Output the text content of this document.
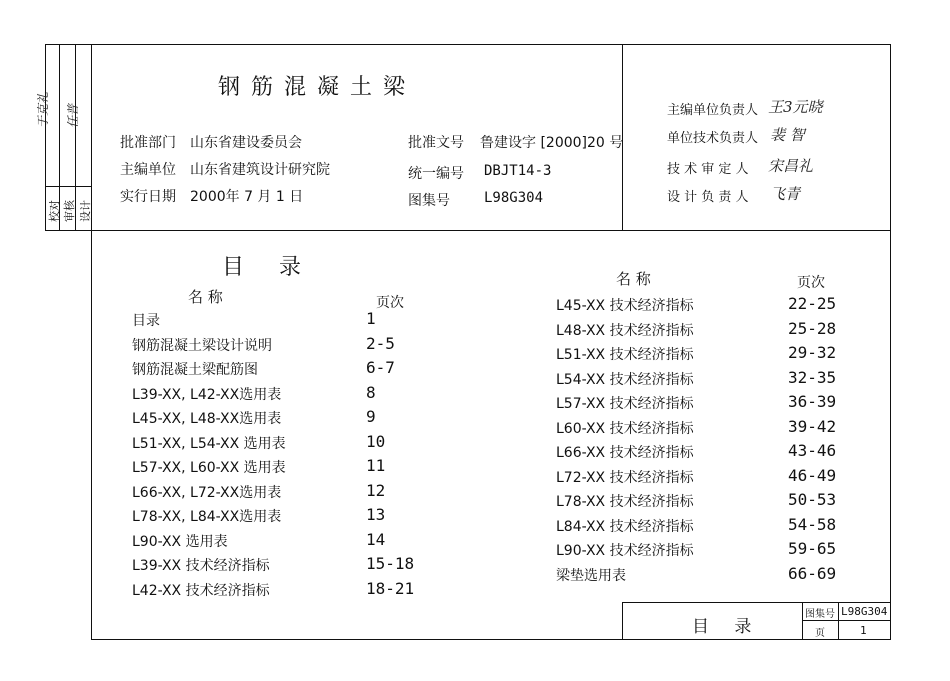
于克礼 任普
校对 审核 设计
钢 筋 混 凝 土 梁
批准部门 山东省建设委员会
主编单位 山东省建筑设计研究院
实行日期 2000年 7 月 1 日
批准文号 鲁建设字 [2000]20 号
统一编号 DBJT14-3
图集号 L98G304
主编单位负责人 王3元晓
单位技术负责人 裴 智
技 术 审 定 人 宋昌礼
设 计 负 责 人 飞青
目 录
名 称	页次
名 称	页次
目录	1
钢筋混凝土梁设计说明	2-5
钢筋混凝土梁配筋图	6-7
L39-XX, L42-XX选用表	8
L45-XX, L48-XX选用表	9
L51-XX, L54-XX 选用表	10
L57-XX, L60-XX 选用表	11
L66-XX, L72-XX选用表	12
L78-XX, L84-XX选用表	13
L90-XX 选用表	14
L39-XX 技术经济指标	15-18
L42-XX 技术经济指标	18-21
L45-XX 技术经济指标	22-25
L48-XX 技术经济指标	25-28
L51-XX 技术经济指标	29-32
L54-XX 技术经济指标	32-35
L57-XX 技术经济指标	36-39
L60-XX 技术经济指标	39-42
L66-XX 技术经济指标	43-46
L72-XX 技术经济指标	46-49
L78-XX 技术经济指标	50-53
L84-XX 技术经济指标	54-58
L90-XX 技术经济指标	59-65
梁垫选用表	66-69
目 录
图集号 L98G304
页	1
